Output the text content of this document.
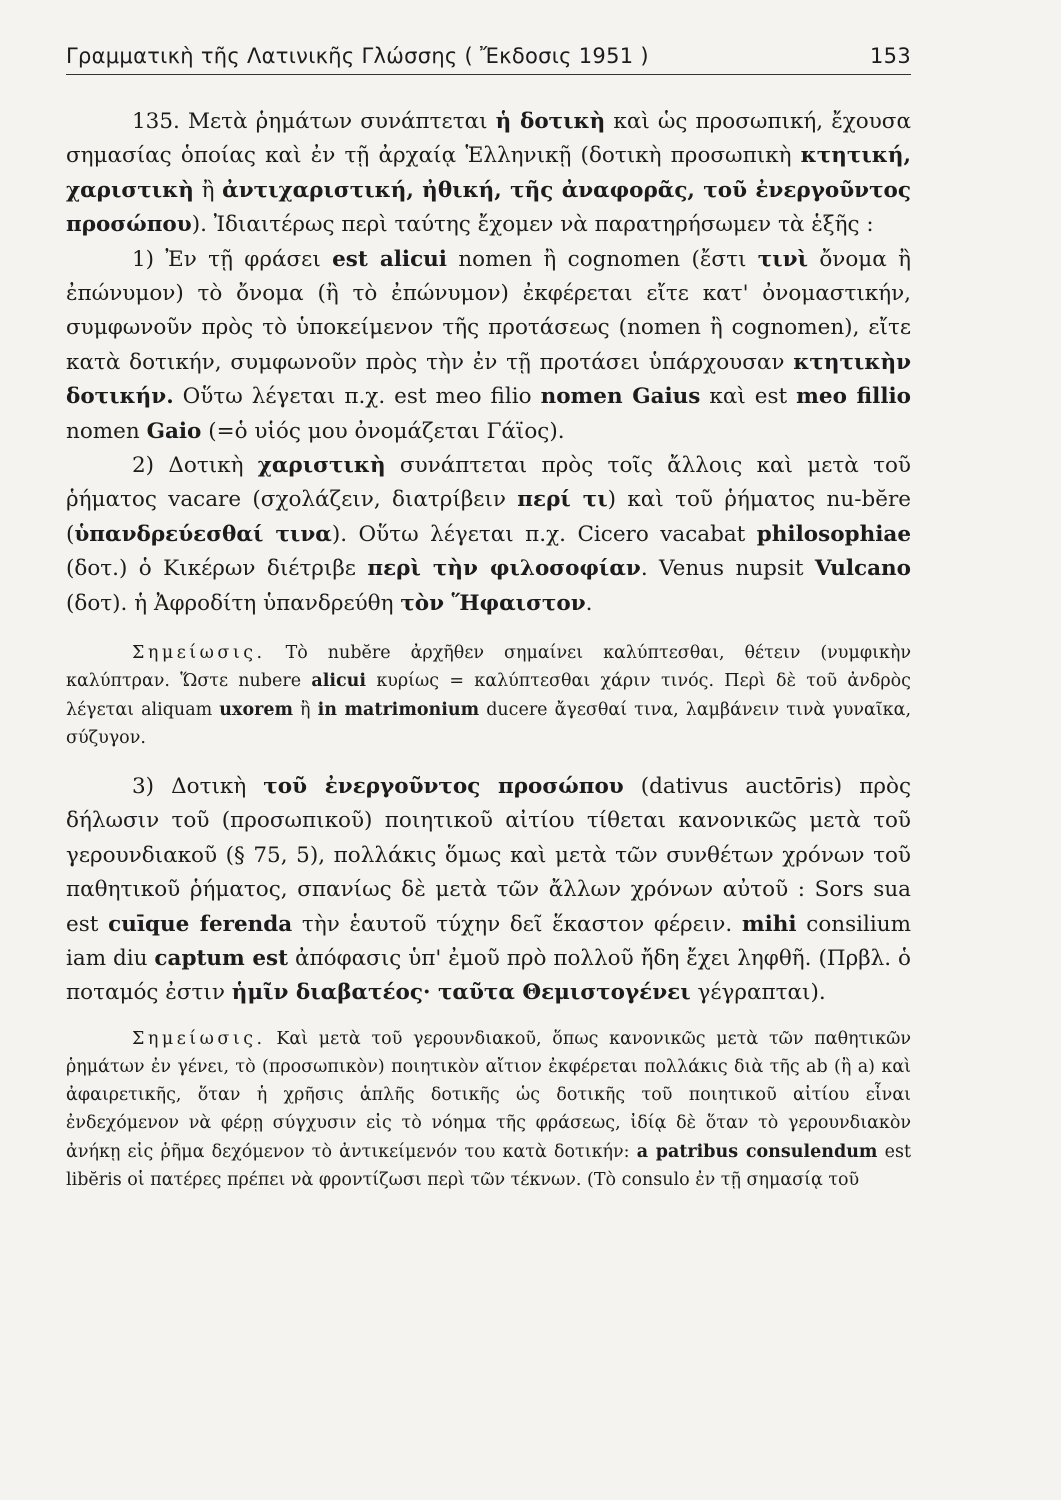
Γραμματικὴ τῆς Λατινικῆς Γλώσσης ( Ἔκδοσις 1951 )	153

135. Μετὰ ῥημάτων συνάπτεται ἡ δοτικὴ καὶ ὡς προσωπική, ἔχουσα σημασίας ὁποίας καὶ ἐν τῇ ἀρχαίᾳ Ἑλληνικῇ (δοτικὴ προσωπικὴ κτητική, χαριστικὴ ἢ ἀντιχαριστική, ἠθική, τῆς ἀναφορᾶς, τοῦ ἐνεργοῦντος προσώπου). Ἰδιαιτέρως περὶ ταύτης ἔχομεν νὰ παρατηρήσωμεν τὰ ἑξῆς :

1) Ἐν τῇ φράσει est alicui nomen ἢ cognomen (ἔστι τινὶ ὄνομα ἢ ἐπώνυμον) τὸ ὄνομα (ἢ τὸ ἐπώνυμον) ἐκφέρεται εἴτε κατ' ὀνομαστικήν, συμφωνοῦν πρὸς τὸ ὑποκείμενον τῆς προτάσεως (nomen ἢ cognomen), εἴτε κατὰ δοτικήν, συμφωνοῦν πρὸς τὴν ἐν τῇ προτάσει ὑπάρχουσαν κτητικὴν δοτικήν. Οὕτω λέγεται π.χ. est meo filio nomen Gaius καὶ est meo fillio nomen Gaio (=ὁ υἱός μου ὀνομάζεται Γάϊος).

2) Δοτικὴ χαριστικὴ συνάπτεται πρὸς τοῖς ἄλλοις καὶ μετὰ τοῦ ῥήματος vacare (σχολάζειν, διατρίβειν περί τι) καὶ τοῦ ῥήματος nu-bĕre (ὑπανδρεύεσθαί τινα). Οὕτω λέγεται π.χ. Cicero vacabat philosophiae (δοτ.) ὁ Κικέρων διέτριβε περὶ τὴν φιλοσοφίαν. Venus nupsit Vulcano (δοτ). ἡ Ἀφροδίτη ὑπανδρεύθη τὸν Ἥφαιστον.

Σημείωσις. Τὸ nubĕre ἀρχῆθεν σημαίνει καλύπτεσθαι, θέτειν (νυμφικὴν καλύπτραν. Ὥστε nubere alicui κυρίως = καλύπτεσθαι χάριν τινός. Περὶ δὲ τοῦ ἀνδρὸς λέγεται aliquam uxorem ἢ in matrimonium ducere ἄγεσθαί τινα, λαμβάνειν τινὰ γυναῖκα, σύζυγον.

3) Δοτικὴ τοῦ ἐνεργοῦντος προσώπου (dativus auctōris) πρὸς δήλωσιν τοῦ (προσωπικοῦ) ποιητικοῦ αἰτίου τίθεται κανονικῶς μετὰ τοῦ γερουνδιακοῦ (§ 75, 5), πολλάκις ὅμως καὶ μετὰ τῶν συνθέτων χρόνων τοῦ παθητικοῦ ῥήματος, σπανίως δὲ μετὰ τῶν ἄλλων χρόνων αὐτοῦ : Sors sua est cuīque ferenda τὴν ἑαυτοῦ τύχην δεῖ ἕκαστον φέρειν. mihi consilium iam diu captum est ἀπόφασις ὑπ' ἐμοῦ πρὸ πολλοῦ ἤδη ἔχει ληφθῆ. (Πρβλ. ὁ ποταμός ἐστιν ἡμῖν διαβατέος· ταῦτα Θεμιστογένει γέγραπται).

Σημείωσις. Καὶ μετὰ τοῦ γερουνδιακοῦ, ὅπως κανονικῶς μετὰ τῶν παθητικῶν ῥημάτων ἐν γένει, τὸ (προσωπικὸν) ποιητικὸν αἴτιον ἐκφέρεται πολλάκις διὰ τῆς ab (ἢ a) καὶ ἀφαιρετικῆς, ὅταν ἡ χρῆσις ἁπλῆς δοτικῆς ὡς δοτικῆς τοῦ ποιητικοῦ αἰτίου εἶναι ἐνδεχόμενον νὰ φέρῃ σύγχυσιν εἰς τὸ νόημα τῆς φράσεως, ἰδίᾳ δὲ ὅταν τὸ γερουνδιακὸν ἀνήκῃ εἰς ῥῆμα δεχόμενον τὸ ἀντικείμενόν του κατὰ δοτικήν: a patribus consulendum est libĕris οἱ πατέρες πρέπει νὰ φροντίζωσι περὶ τῶν τέκνων. (Τὸ consulo ἐν τῇ σημασίᾳ τοῦ
